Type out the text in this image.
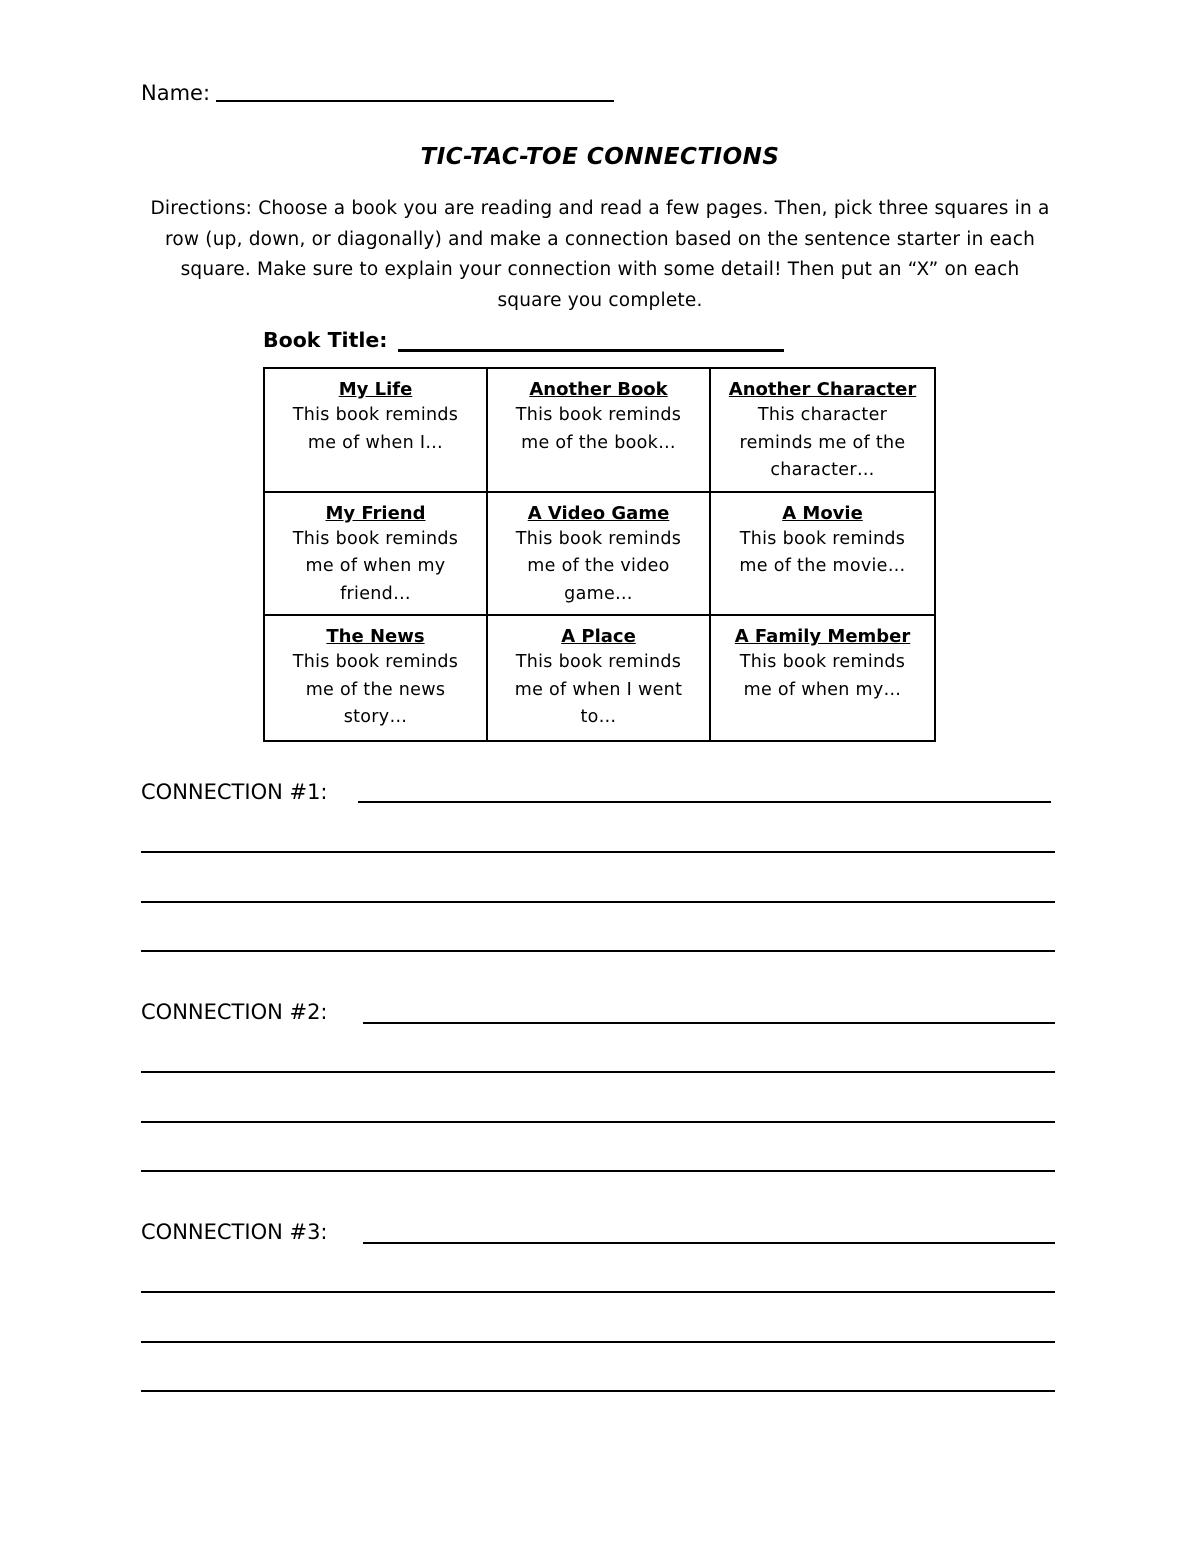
Name:
TIC-TAC-TOE CONNECTIONS
Directions: Choose a book you are reading and read a few pages. Then, pick three squares in a row (up, down, or diagonally) and make a connection based on the sentence starter in each square. Make sure to explain your connection with some detail! Then put an “X” on each square you complete.
Book Title:
My Life
This book reminds me of when I…
Another Book
This book reminds me of the book…
Another Character
This character reminds me of the character…
My Friend
This book reminds me of when my friend…
A Video Game
This book reminds me of the video game…
A Movie
This book reminds me of the movie…
The News
This book reminds me of the news story…
A Place
This book reminds me of when I went to…
A Family Member
This book reminds me of when my…
CONNECTION #1:
CONNECTION #2:
CONNECTION #3:
